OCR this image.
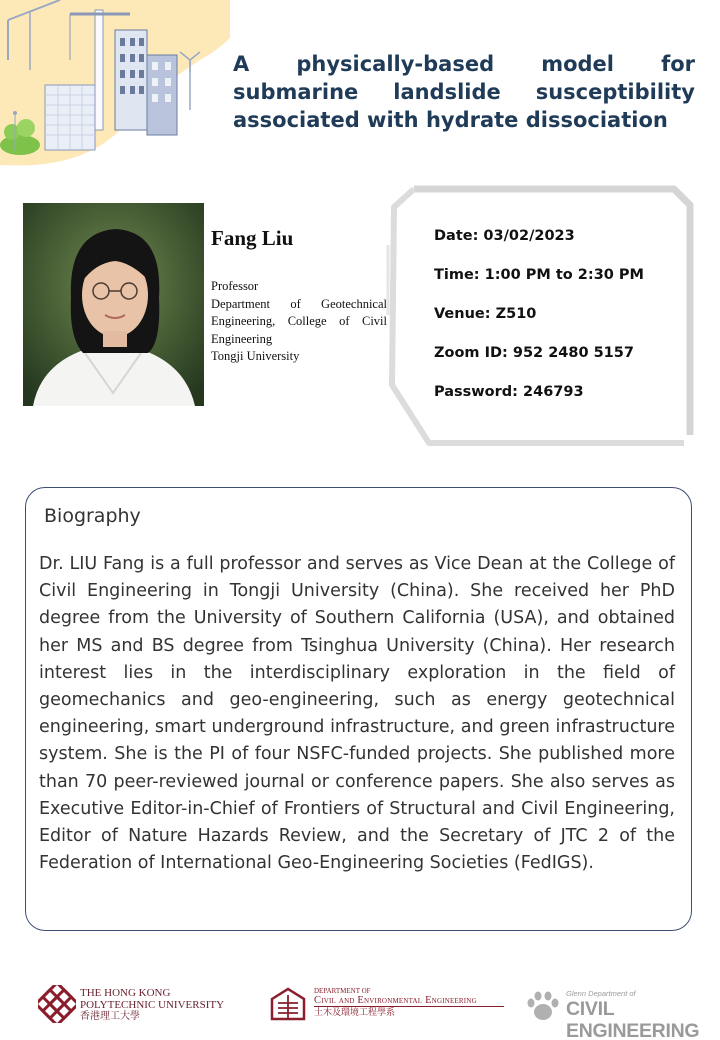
A physically-based model for submarine landslide susceptibility associated with hydrate dissociation
Fang Liu
Professor
Department of Geotechnical Engineering, College of Civil Engineering
Tongji University
Date: 03/02/2023
Time: 1:00 PM to 2:30 PM
Venue: Z510
Zoom ID: 952 2480 5157
Password: 246793
Biography

Dr. LIU Fang is a full professor and serves as Vice Dean at the College of Civil Engineering in Tongji University (China). She received her PhD degree from the University of Southern California (USA), and obtained her MS and BS degree from Tsinghua University (China). Her research interest lies in the interdisciplinary exploration in the field of geomechanics and geo-engineering, such as energy geotechnical engineering, smart underground infrastructure, and green infrastructure system. She is the PI of four NSFC-funded projects. She published more than 70 peer-reviewed journal or conference papers. She also serves as Executive Editor-in-Chief of Frontiers of Structural and Civil Engineering, Editor of Nature Hazards Review, and the Secretary of JTC 2 of the Federation of International Geo-Engineering Societies (FedIGS).

THE HONG KONG
POLYTECHNIC UNIVERSITY
香港理工大學
DEPARTMENT OF
Civil and Environmental Engineering
土木及環境工程學系
Glenn Department of
CIVIL ENGINEERING
